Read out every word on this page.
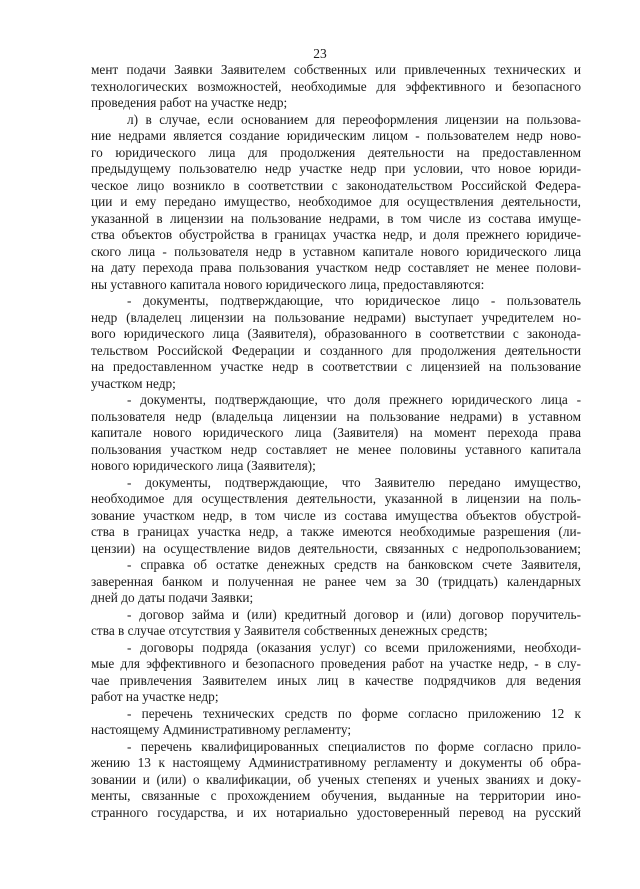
23
мент подачи Заявки Заявителем собственных или привлеченных технических и
технологических возможностей, необходимые для эффективного и безопасного
проведения работ на участке недр;
л) в случае, если основанием для переоформления лицензии на пользова-
ние недрами является создание юридическим лицом - пользователем недр ново-
го юридического лица для продолжения деятельности на предоставленном
предыдущему пользователю недр участке недр при условии, что новое юриди-
ческое лицо возникло в соответствии с законодательством Российской Федера-
ции и ему передано имущество, необходимое для осуществления деятельности,
указанной в лицензии на пользование недрами, в том числе из состава имуще-
ства объектов обустройства в границах участка недр, и доля прежнего юридиче-
ского лица - пользователя недр в уставном капитале нового юридического лица
на дату перехода права пользования участком недр составляет не менее полови-
ны уставного капитала нового юридического лица, предоставляются:
- документы, подтверждающие, что юридическое лицо - пользователь
недр (владелец лицензии на пользование недрами) выступает учредителем но-
вого юридического лица (Заявителя), образованного в соответствии с законода-
тельством Российской Федерации и созданного для продолжения деятельности
на предоставленном участке недр в соответствии с лицензией на пользование
участком недр;
- документы, подтверждающие, что доля прежнего юридического лица -
пользователя недр (владельца лицензии на пользование недрами) в уставном
капитале нового юридического лица (Заявителя) на момент перехода права
пользования участком недр составляет не менее половины уставного капитала
нового юридического лица (Заявителя);
- документы, подтверждающие, что Заявителю передано имущество,
необходимое для осуществления деятельности, указанной в лицензии на поль-
зование участком недр, в том числе из состава имущества объектов обустрой-
ства в границах участка недр, а также имеются необходимые разрешения (ли-
цензии) на осуществление видов деятельности, связанных с недропользованием;
- справка об остатке денежных средств на банковском счете Заявителя,
заверенная банком и полученная не ранее чем за 30 (тридцать) календарных
дней до даты подачи Заявки;
- договор займа и (или) кредитный договор и (или) договор поручитель-
ства в случае отсутствия у Заявителя собственных денежных средств;
- договоры подряда (оказания услуг) со всеми приложениями, необходи-
мые для эффективного и безопасного проведения работ на участке недр, - в слу-
чае привлечения Заявителем иных лиц в качестве подрядчиков для ведения
работ на участке недр;
- перечень технических средств по форме согласно приложению 12 к
настоящему Административному регламенту;
- перечень квалифицированных специалистов по форме согласно прило-
жению 13 к настоящему Административному регламенту и документы об обра-
зовании и (или) о квалификации, об ученых степенях и ученых званиях и доку-
менты, связанные с прохождением обучения, выданные на территории ино-
странного государства, и их нотариально удостоверенный перевод на русский
